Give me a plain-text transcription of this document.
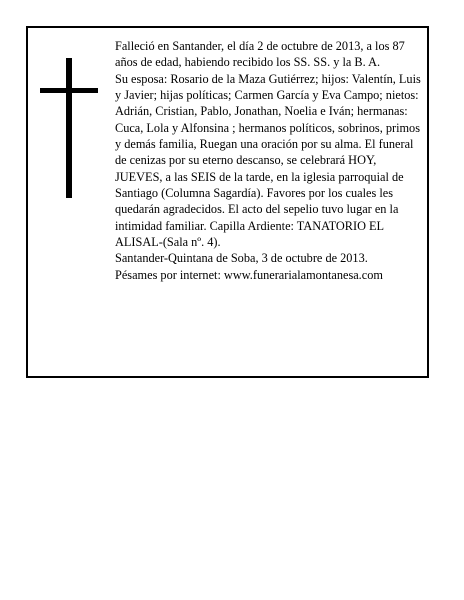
Falleció en Santander, el día 2 de octubre de 2013, a los 87 años de edad, habiendo recibido los SS. SS. y la B. A.

Su esposa: Rosario de la Maza Gutiérrez; hijos: Valentín, Luis y Javier; hijas políticas; Carmen García y Eva Campo; nietos: Adrián, Cristian, Pablo, Jonathan, Noelia e Iván; hermanas: Cuca, Lola y Alfonsina ; hermanos políticos, sobrinos, primos y demás familia, Ruegan una oración por su alma. El funeral de cenizas por su eterno descanso, se celebrará HOY, JUEVES, a las SEIS de la tarde, en la iglesia parroquial de Santiago (Columna Sagardía). Favores por los cuales les quedarán agradecidos. El acto del sepelio tuvo lugar en la intimidad familiar. Capilla Ardiente: TANATORIO EL ALISAL-(Sala nº. 4).

Santander-Quintana de Soba, 3 de octubre de 2013.

Pésames por internet: www.funerarialamontanesa.com
